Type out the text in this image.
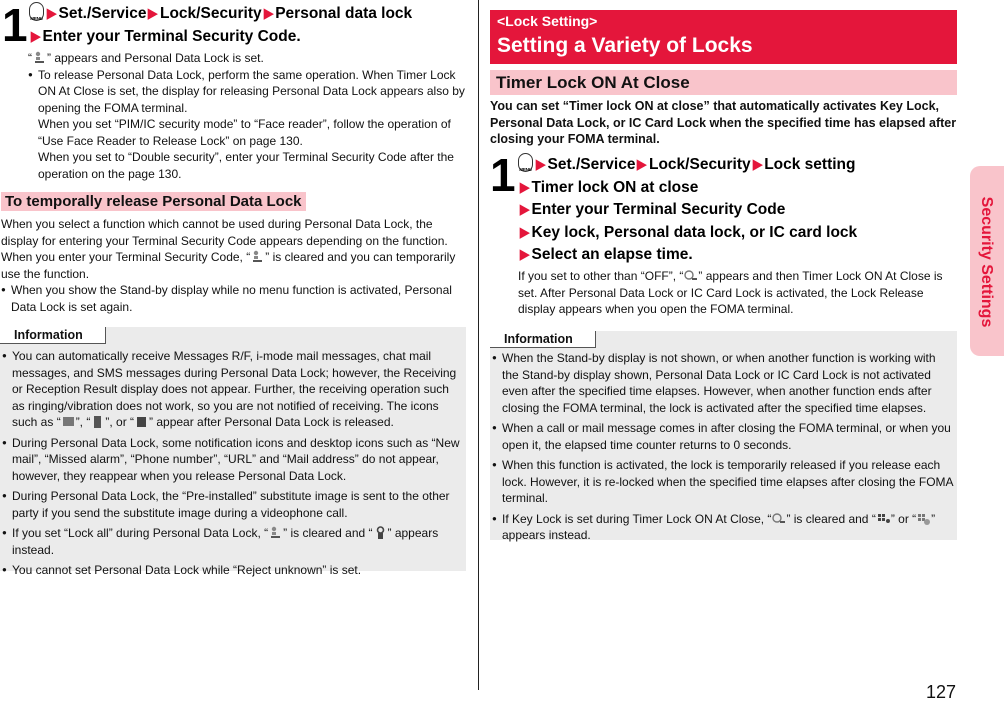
1 MENU	▶ Set./Service ▶ Lock/Security ▶ Personal data lock
▶ Enter your Terminal Security Code.
“ ” appears and Personal Data Lock is set.
● To release Personal Data Lock, perform the same operation. When Timer Lock ON At Close is set, the display for releasing Personal Data Lock appears also by opening the FOMA terminal.
When you set “PIM/IC security mode” to “Face reader”, follow the operation of “Use Face Reader to Release Lock” on page 130.
When you set to “Double security”, enter your Terminal Security Code after the operation on the page 130.
To temporally release Personal Data Lock
When you select a function which cannot be used during Personal Data Lock, the display for entering your Terminal Security Code appears depending on the function. When you enter your Terminal Security Code, “ ” is cleared and you can temporarily use the function.
● When you show the Stand-by display while no menu function is activated, Personal Data Lock is set again.
Information
● You can automatically receive Messages R/F, i-mode mail messages, chat mail messages, and SMS messages during Personal Data Lock; however, the Receiving or Reception Result display does not appear. Further, the receiving operation such as ringing/vibration does not work, so you are not notified of receiving. The icons such as “ ”, “ ”, or “ ” appear after Personal Data Lock is released.
● During Personal Data Lock, some notification icons and desktop icons such as “New mail”, “Missed alarm”, “Phone number”, “URL” and “Mail address” do not appear, however, they reappear when you release Personal Data Lock.
● During Personal Data Lock, the “Pre-installed” substitute image is sent to the other party if you send the substitute image during a videophone call.
● If you set “Lock all” during Personal Data Lock, “ ” is cleared and “ ” appears instead.
● You cannot set Personal Data Lock while “Reject unknown” is set.
<Lock Setting>
Setting a Variety of Locks
Timer Lock ON At Close
You can set “Timer lock ON at close” that automatically activates Key Lock, Personal Data Lock, or IC Card Lock when the specified time has elapsed after closing your FOMA terminal.
1 MENU	▶ Set./Service ▶ Lock/Security ▶ Lock setting
▶ Timer lock ON at close
▶ Enter your Terminal Security Code
▶ Key lock, Personal data lock, or IC card lock
▶ Select an elapse time.
If you set to other than “OFF”, “ ” appears and then Timer Lock ON At Close is set. After Personal Data Lock or IC Card Lock is activated, the Lock Release display appears when you open the FOMA terminal.
Information
● When the Stand-by display is not shown, or when another function is working with the Stand-by display shown, Personal Data Lock or IC Card Lock is not activated even after the specified time elapses. However, when another function ends after closing the FOMA terminal, the lock is activated after the specified time elapses.
● When a call or mail message comes in after closing the FOMA terminal, or when you open it, the elapsed time counter returns to 0 seconds.
● When this function is activated, the lock is temporarily released if you release each lock. However, it is re-locked when the specified time elapses after closing the FOMA terminal.
● If Key Lock is set during Timer Lock ON At Close, “ ” is cleared and “ ” or “ ” appears instead.
Security Settings
127
